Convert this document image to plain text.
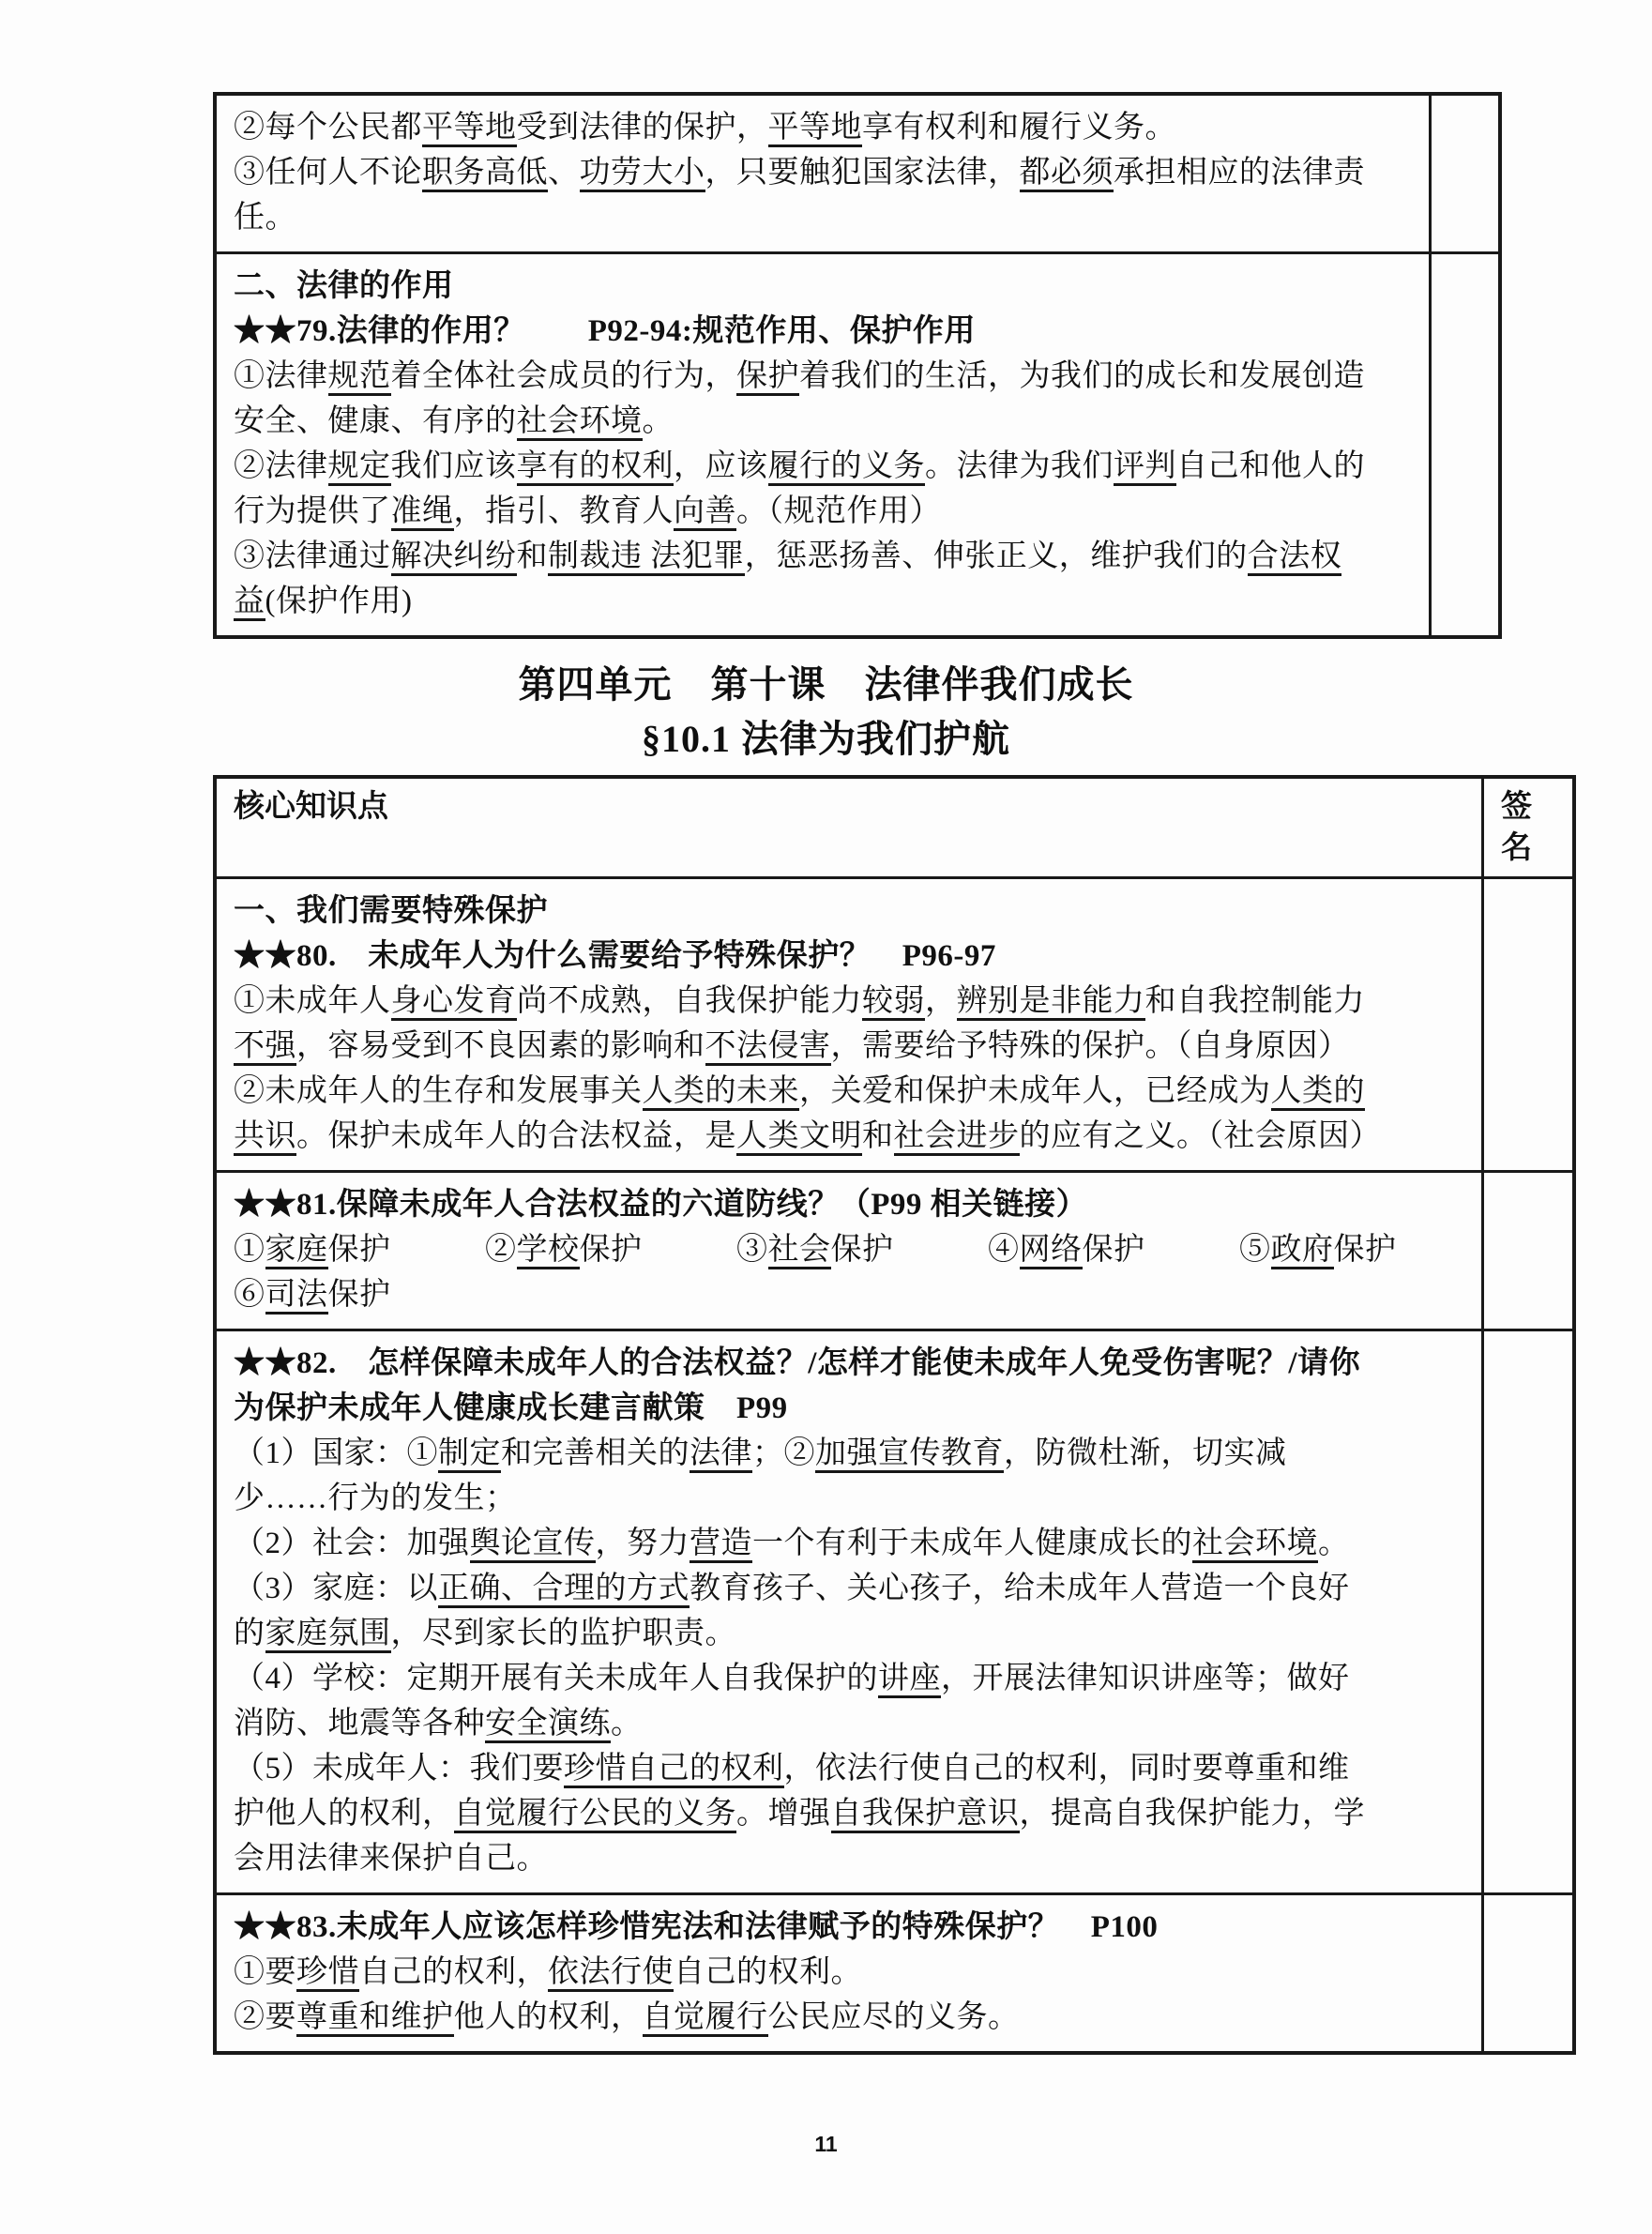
②每个公民都平等地受到法律的保护，平等地享有权利和履行义务。
③任何人不论职务高低、功劳大小，只要触犯国家法律，都必须承担相应的法律责
任。
二、法律的作用
★★79.法律的作用？　　P92-94:规范作用、保护作用
①法律规范着全体社会成员的行为，保护着我们的生活，为我们的成长和发展创造
安全、健康、有序的社会环境。
②法律规定我们应该享有的权利，应该履行的义务。法律为我们评判自己和他人的
行为提供了准绳，指引、教育人向善。（规范作用）
③法律通过解决纠纷和制裁违 法犯罪，惩恶扬善、伸张正义，维护我们的合法权
益(保护作用)
第四单元　第十课　法律伴我们成长
§10.1 法律为我们护航
核心知识点	签名
一、我们需要特殊保护
★★80.　未成年人为什么需要给予特殊保护？　P96-97
①未成年人身心发育尚不成熟，自我保护能力较弱，辨别是非能力和自我控制能力
不强，容易受到不良因素的影响和不法侵害，需要给予特殊的保护。（自身原因）
②未成年人的生存和发展事关人类的未来，关爱和保护未成年人，已经成为人类的
共识。保护未成年人的合法权益，是人类文明和社会进步的应有之义。（社会原因）
★★81.保障未成年人合法权益的六道防线？（P99 相关链接）
①家庭保护　　　②学校保护　　　③社会保护　　　④网络保护　　　⑤政府保护
⑥司法保护
★★82.　怎样保障未成年人的合法权益？/怎样才能使未成年人免受伤害呢？/请你
为保护未成年人健康成长建言献策　P99
（1）国家：①制定和完善相关的法律；②加强宣传教育，防微杜渐，切实减
少……行为的发生；
（2）社会：加强舆论宣传，努力营造一个有利于未成年人健康成长的社会环境。
（3）家庭：以正确、合理的方式教育孩子、关心孩子，给未成年人营造一个良好
的家庭氛围，尽到家长的监护职责。
（4）学校：定期开展有关未成年人自我保护的讲座，开展法律知识讲座等；做好
消防、地震等各种安全演练。
（5）未成年人：我们要珍惜自己的权利，依法行使自己的权利，同时要尊重和维
护他人的权利，自觉履行公民的义务。增强自我保护意识，提高自我保护能力，学
会用法律来保护自己。
★★83.未成年人应该怎样珍惜宪法和法律赋予的特殊保护？　P100
①要珍惜自己的权利，依法行使自己的权利。
②要尊重和维护他人的权利，自觉履行公民应尽的义务。
11
